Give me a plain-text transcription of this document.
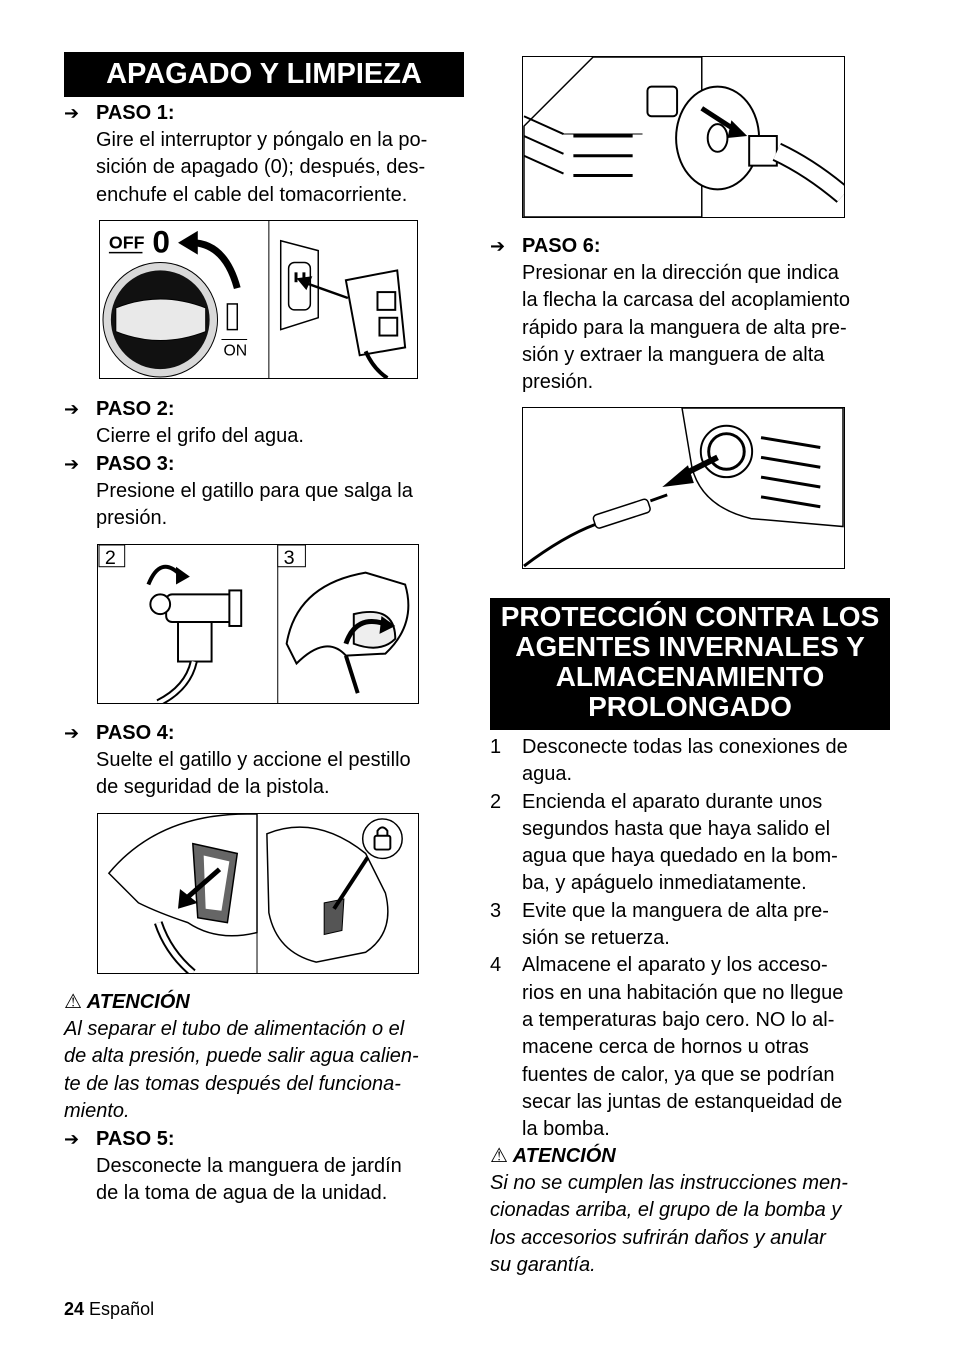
APAGADO Y LIMPIEZA
➔ PASO 1:
Gire el interruptor y póngalo en la po-
sición de apagado (0); después, des-
enchufe el cable del tomacorriente.
OFF 0
ON
➔ PASO 2:
Cierre el grifo del agua.
➔ PASO 3:
Presione el gatillo para que salga la
presión.
2	3
➔ PASO 4:
Suelte el gatillo y accione el pestillo
de seguridad de la pistola.
⚠ ATENCIÓN
Al separar el tubo de alimentación o el
de alta presión, puede salir agua calien-
te de las tomas después del funciona-
miento.
➔ PASO 5:
Desconecte la manguera de jardín
de la toma de agua de la unidad.
➔ PASO 6:
Presionar en la dirección que indica
la flecha la carcasa del acoplamiento
rápido para la manguera de alta pre-
sión y extraer la manguera de alta
presión.
PROTECCIÓN CONTRA LOS
AGENTES INVERNALES Y
ALMACENAMIENTO
PROLONGADO
1 Desconecte todas las conexiones de
agua.
2 Encienda el aparato durante unos
segundos hasta que haya salido el
agua que haya quedado en la bom-
ba, y apáguelo inmediatamente.
3 Evite que la manguera de alta pre-
sión se retuerza.
4 Almacene el aparato y los acceso-
rios en una habitación que no llegue
a temperaturas bajo cero. NO lo al-
macene cerca de hornos u otras
fuentes de calor, ya que se podrían
secar las juntas de estanqueidad de
la bomba.
⚠ ATENCIÓN
Si no se cumplen las instrucciones men-
cionadas arriba, el grupo de la bomba y
los accesorios sufrirán daños y anular
su garantía.
24 Español
